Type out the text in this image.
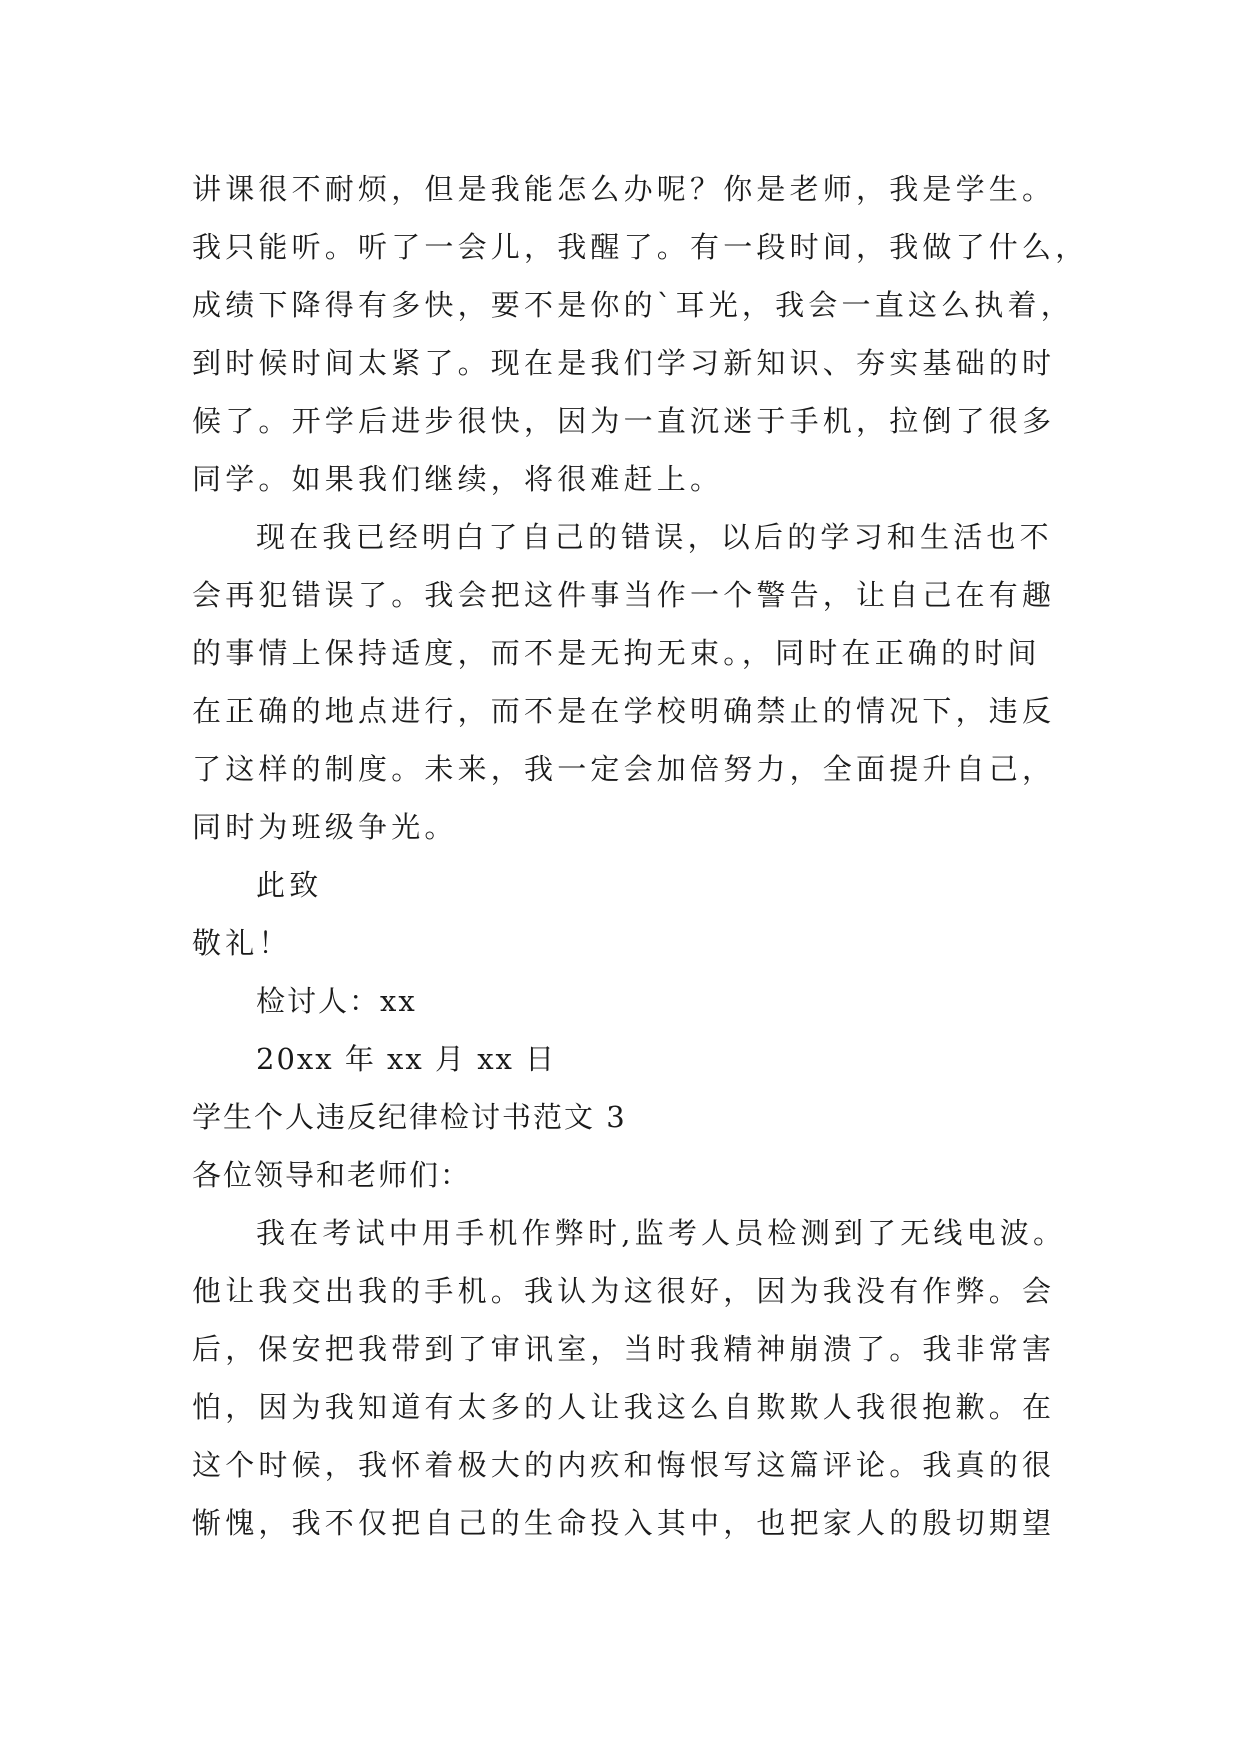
讲课很不耐烦，但是我能怎么办呢？你是老师，我是学生。
我只能听。听了一会儿，我醒了。有一段时间，我做了什么，
成绩下降得有多快，要不是你的`耳光，我会一直这么执着，
到时候时间太紧了。现在是我们学习新知识、夯实基础的时
候了。开学后进步很快，因为一直沉迷于手机，拉倒了很多
同学。如果我们继续，将很难赶上。
现在我已经明白了自己的错误，以后的学习和生活也不
会再犯错误了。我会把这件事当作一个警告，让自己在有趣
的事情上保持适度，而不是无拘无束。，同时在正确的时间
在正确的地点进行，而不是在学校明确禁止的情况下，违反
了这样的制度。未来，我一定会加倍努力，全面提升自己，
同时为班级争光。
此致
敬礼！
检讨人：xx
20xx 年 xx 月 xx 日
学生个人违反纪律检讨书范文 3
各位领导和老师们：
我在考试中用手机作弊时,监考人员检测到了无线电波。
他让我交出我的手机。我认为这很好，因为我没有作弊。会
后，保安把我带到了审讯室，当时我精神崩溃了。我非常害
怕，因为我知道有太多的人让我这么自欺欺人我很抱歉。在
这个时候，我怀着极大的内疚和悔恨写这篇评论。我真的很
惭愧，我不仅把自己的生命投入其中，也把家人的殷切期望
